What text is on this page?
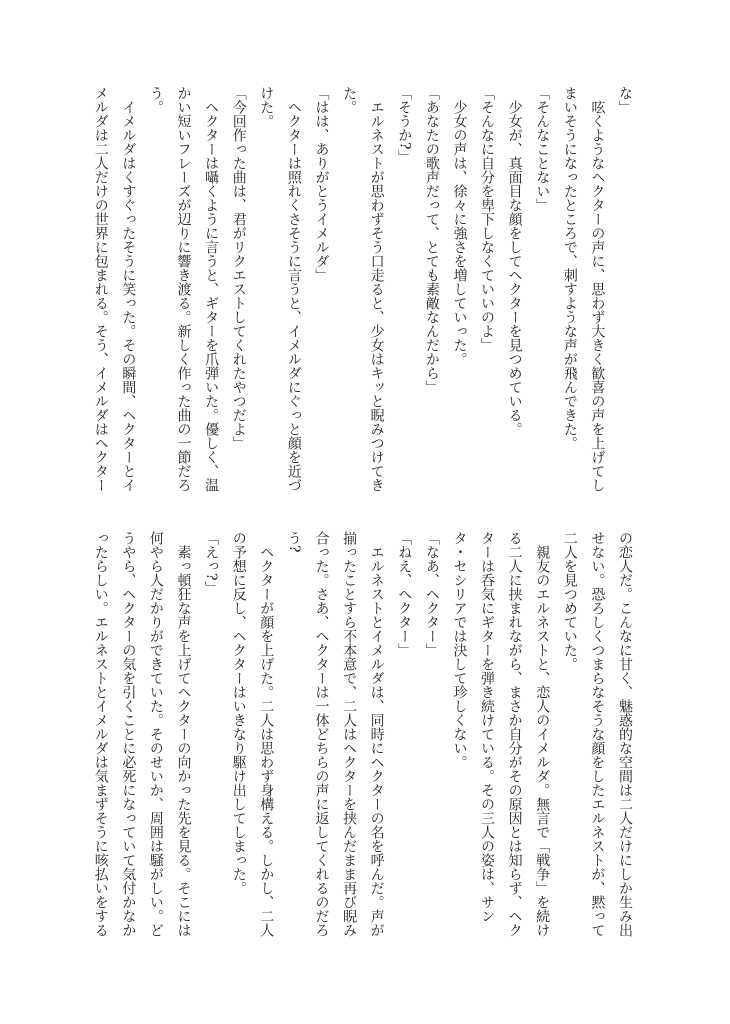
な」
　呟くようなヘクターの声に、思わず大きく歓喜の声を上げてし
まいそうになったところで、刺すような声が飛んできた。
「そんなことない」
　少女が、真面目な顔をしてヘクターを見つめている。
「そんなに自分を卑下しなくていいのよ」
　少女の声は、徐々に強さを増していった。
「あなたの歌声だって、とても素敵なんだから」
「そうか?」
　エルネストが思わずそう口走ると、少女はキッと睨みつけてき
た。
「はは、ありがとうイメルダ」
　ヘクターは照れくさそうに言うと、イメルダにぐっと顔を近づ
けた。
「今回作った曲は、君がリクエストしてくれたやつだよ」
　ヘクターは囁くように言うと、ギターを爪弾いた。優しく、温
かい短いフレーズが辺りに響き渡る。新しく作った曲の一節だろ
う。
　イメルダはくすぐったそうに笑った。その瞬間、ヘクターとイ
メルダは二人だけの世界に包まれる。そう、イメルダはヘクター
の恋人だ。こんなに甘く、魅惑的な空間は二人だけにしか生み出
せない。恐ろしくつまらなそうな顔をしたエルネストが、黙って
二人を見つめていた。
　親友のエルネストと、恋人のイメルダ。無言で「戦争」を続け
る二人に挟まれながら、まさか自分がその原因とは知らず、ヘク
ターは呑気にギターを弾き続けている。その三人の姿は、サン
タ・セシリアでは決して珍しくない。
「なあ、ヘクター」
「ねえ、ヘクター」
　エルネストとイメルダは、同時にヘクターの名を呼んだ。声が
揃ったことすら不本意で、二人はヘクターを挟んだまま再び睨み
合った。さあ、ヘクターは一体どちらの声に返してくれるのだろ
う?
　ヘクターが顔を上げた。二人は思わず身構える。しかし、二人
の予想に反し、ヘクターはいきなり駆け出してしまった。
「えっ?」
　素っ頓狂な声を上げてヘクターの向かった先を見る。そこには
何やら人だかりができていた。そのせいか、周囲は騒がしい。ど
うやら、ヘクターの気を引くことに必死になっていて気付かなか
ったらしい。エルネストとイメルダは気まずそうに咳払いをする
